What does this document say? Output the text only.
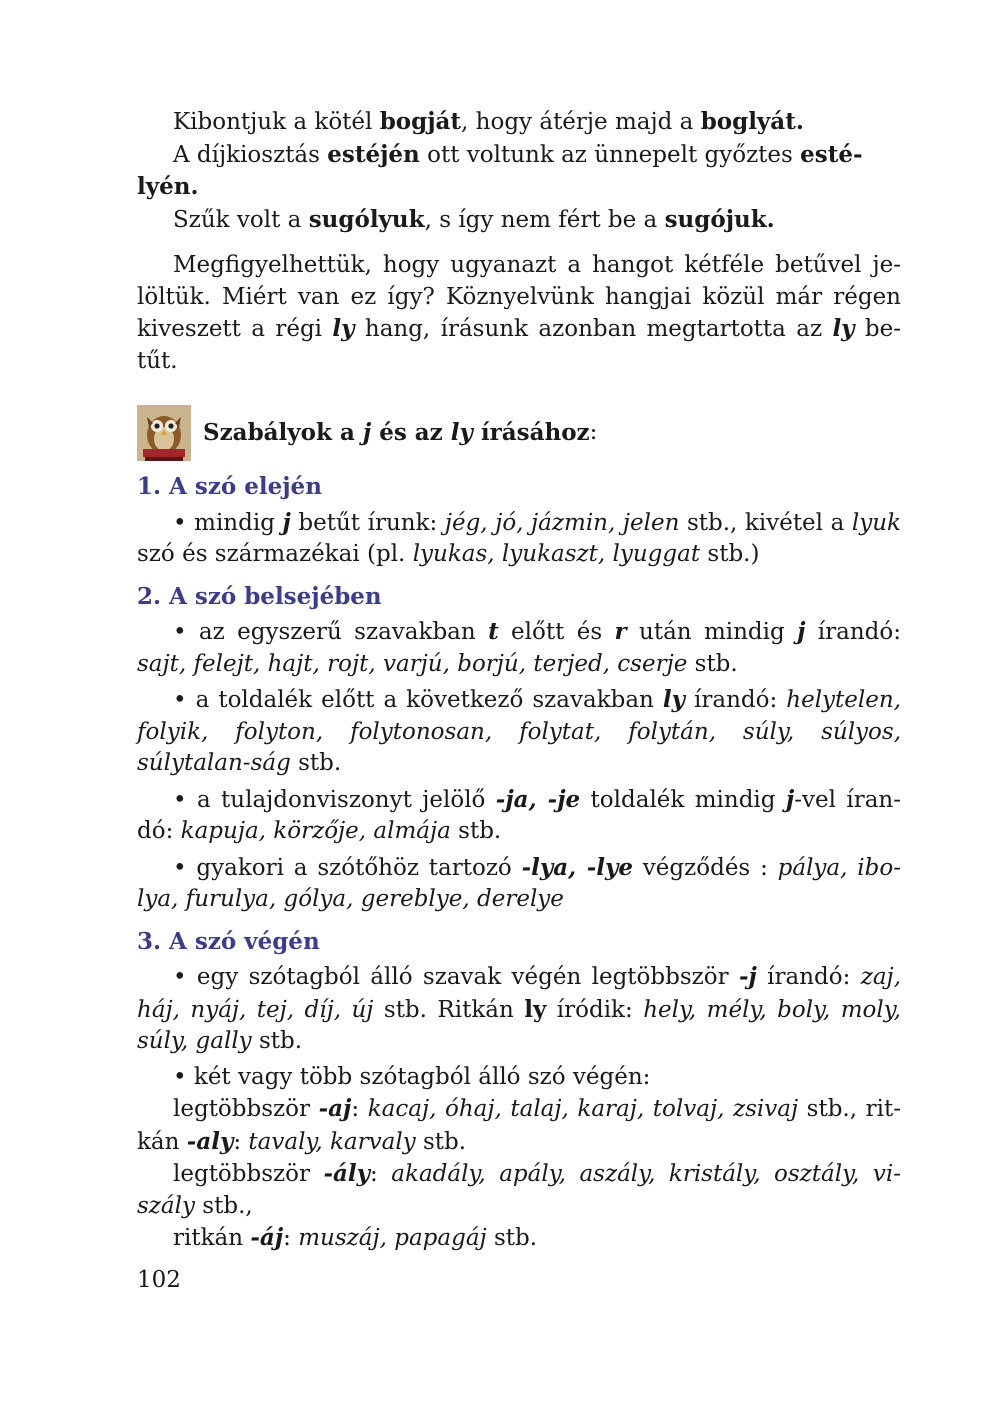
Kibontjuk a kötél bogját, hogy átérje majd a boglyát.

A díjkiosztás estéjén ott voltunk az ünnepelt győztes esté-
lyén.

Szűk volt a sugólyuk, s így nem fért be a sugójuk.

Megfigyelhettük, hogy ugyanazt a hangot kétféle betűvel je-löltük. Miért van ez így? Köznyelvünk hangjai közül már régen kiveszett a régi ly hang, írásunk azonban megtartotta az ly be-tűt.

Szabályok a j és az ly írásához :
1. A szó elején

• mindig j betűt írunk: jég, jó, jázmin, jelen stb., kivétel a lyuk szó és származékai (pl. lyukas, lyukaszt, lyuggat stb.)

2. A szó belsejében

• az egyszerű szavakban t előtt és r után mindig j írandó: sajt, felejt, hajt, rojt, varjú, borjú, terjed, cserje stb.

• a toldalék előtt a következő szavakban ly írandó: helytelen, folyik, folyton, folytonosan, folytat, folytán, súly, súlyos, súlytalan-ság stb.

• a tulajdonviszonyt jelölő -ja, -je toldalék mindig j-vel íran-dó: kapuja, körzője, almája stb.

• gyakori a szótőhöz tartozó -lya, -lye végződés : pálya, ibo-lya, furulya, gólya, gereblye, derelye

3. A szó végén

• egy szótagból álló szavak végén legtöbbször -j írandó: zaj, háj, nyáj, tej, díj, új stb. Ritkán ly íródik: hely, mély, boly, moly, súly, gally stb.

• két vagy több szótagból álló szó végén:

legtöbbször -aj: kacaj, óhaj, talaj, karaj, tolvaj, zsivaj stb., rit-kán -aly: tavaly, karvaly stb.

legtöbbször -ály: akadály, apály, aszály, kristály, osztály, vi-szály stb.,

ritkán -áj: muszáj, papagáj stb.

102
